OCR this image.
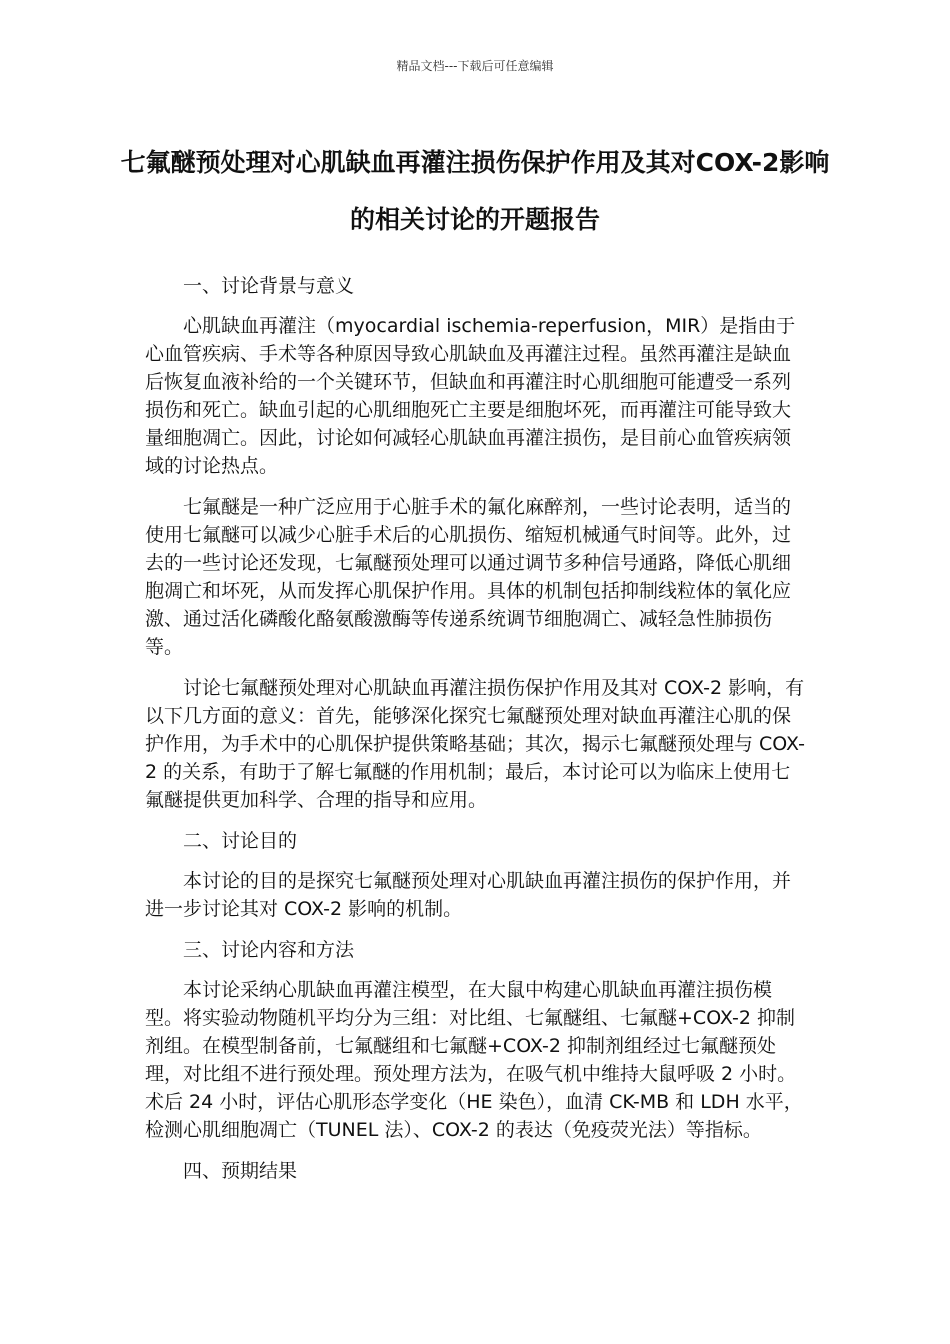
精品文档---下载后可任意编辑
七氟醚预处理对心肌缺血再灌注损伤保护作用及其对COX-2影响的相关讨论的开题报告
一、讨论背景与意义

心肌缺血再灌注（myocardial ischemia-reperfusion，MIR）是指由于心血管疾病、手术等各种原因导致心肌缺血及再灌注过程。虽然再灌注是缺血后恢复血液补给的一个关键环节，但缺血和再灌注时心肌细胞可能遭受一系列损伤和死亡。缺血引起的心肌细胞死亡主要是细胞坏死，而再灌注可能导致大量细胞凋亡。因此，讨论如何减轻心肌缺血再灌注损伤，是目前心血管疾病领域的讨论热点。

七氟醚是一种广泛应用于心脏手术的氟化麻醉剂，一些讨论表明，适当的使用七氟醚可以减少心脏手术后的心肌损伤、缩短机械通气时间等。此外，过去的一些讨论还发现，七氟醚预处理可以通过调节多种信号通路，降低心肌细胞凋亡和坏死，从而发挥心肌保护作用。具体的机制包括抑制线粒体的氧化应激、通过活化磷酸化酪氨酸激酶等传递系统调节细胞凋亡、减轻急性肺损伤等。

讨论七氟醚预处理对心肌缺血再灌注损伤保护作用及其对 COX-2 影响，有以下几方面的意义：首先，能够深化探究七氟醚预处理对缺血再灌注心肌的保护作用，为手术中的心肌保护提供策略基础；其次，揭示七氟醚预处理与 COX-2 的关系，有助于了解七氟醚的作用机制；最后，本讨论可以为临床上使用七氟醚提供更加科学、合理的指导和应用。

二、讨论目的

本讨论的目的是探究七氟醚预处理对心肌缺血再灌注损伤的保护作用，并进一步讨论其对 COX-2 影响的机制。

三、讨论内容和方法

本讨论采纳心肌缺血再灌注模型，在大鼠中构建心肌缺血再灌注损伤模型。将实验动物随机平均分为三组：对比组、七氟醚组、七氟醚+COX-2 抑制剂组。在模型制备前，七氟醚组和七氟醚+COX-2 抑制剂组经过七氟醚预处理，对比组不进行预处理。预处理方法为，在吸气机中维持大鼠呼吸 2 小时。术后 24 小时，评估心肌形态学变化（HE 染色），血清 CK-MB 和 LDH 水平，检测心肌细胞凋亡（TUNEL 法）、COX-2 的表达（免疫荧光法）等指标。

四、预期结果
